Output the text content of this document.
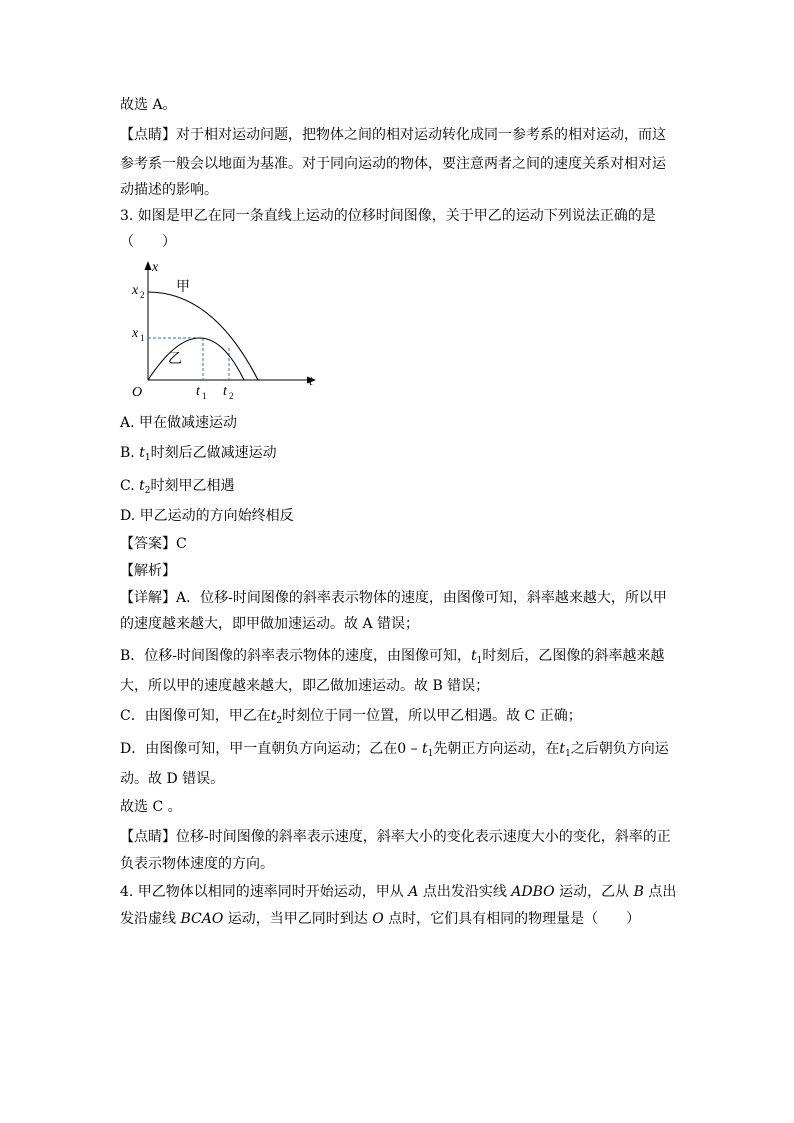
故选 A。
【点睛】对于相对运动问题，把物体之间的相对运动转化成同一参考系的相对运动，而这
参考系一般会以地面为基准。对于同向运动的物体，要注意两者之间的速度关系对相对运
动描述的影响。
3. 如图是甲乙在同一条直线上运动的位移时间图像，关于甲乙的运动下列说法正确的是
（　　）
x
t
O
x 2
x 1
t 1 t 2
甲
乙
A. 甲在做减速运动
B. $t_1$时刻后乙做减速运动
C. $t_2$时刻甲乙相遇
D. 甲乙运动的方向始终相反
【答案】C
【解析】
【详解】A．位移-时间图像的斜率表示物体的速度，由图像可知，斜率越来越大，所以甲
的速度越来越大，即甲做加速运动。故 A 错误；
B．位移-时间图像的斜率表示物体的速度，由图像可知，$t_1$时刻后，乙图像的斜率越来越
大，所以甲的速度越来越大，即乙做加速运动。故 B 错误；
C．由图像可知，甲乙在$t_2$时刻位于同一位置，所以甲乙相遇。故 C 正确；
D．由图像可知，甲一直朝负方向运动；乙在$0 - t_1$先朝正方向运动，在$t_1$之后朝负方向运
动。故 D 错误。
故选 C 。
【点睛】位移-时间图像的斜率表示速度，斜率大小的变化表示速度大小的变化，斜率的正
负表示物体速度的方向。
4. 甲乙物体以相同的速率同时开始运动，甲从 A 点出发沿实线 ADBO 运动，乙从 B 点出
发沿虚线 BCAO 运动，当甲乙同时到达 O 点时，它们具有相同的物理量是（　　）
